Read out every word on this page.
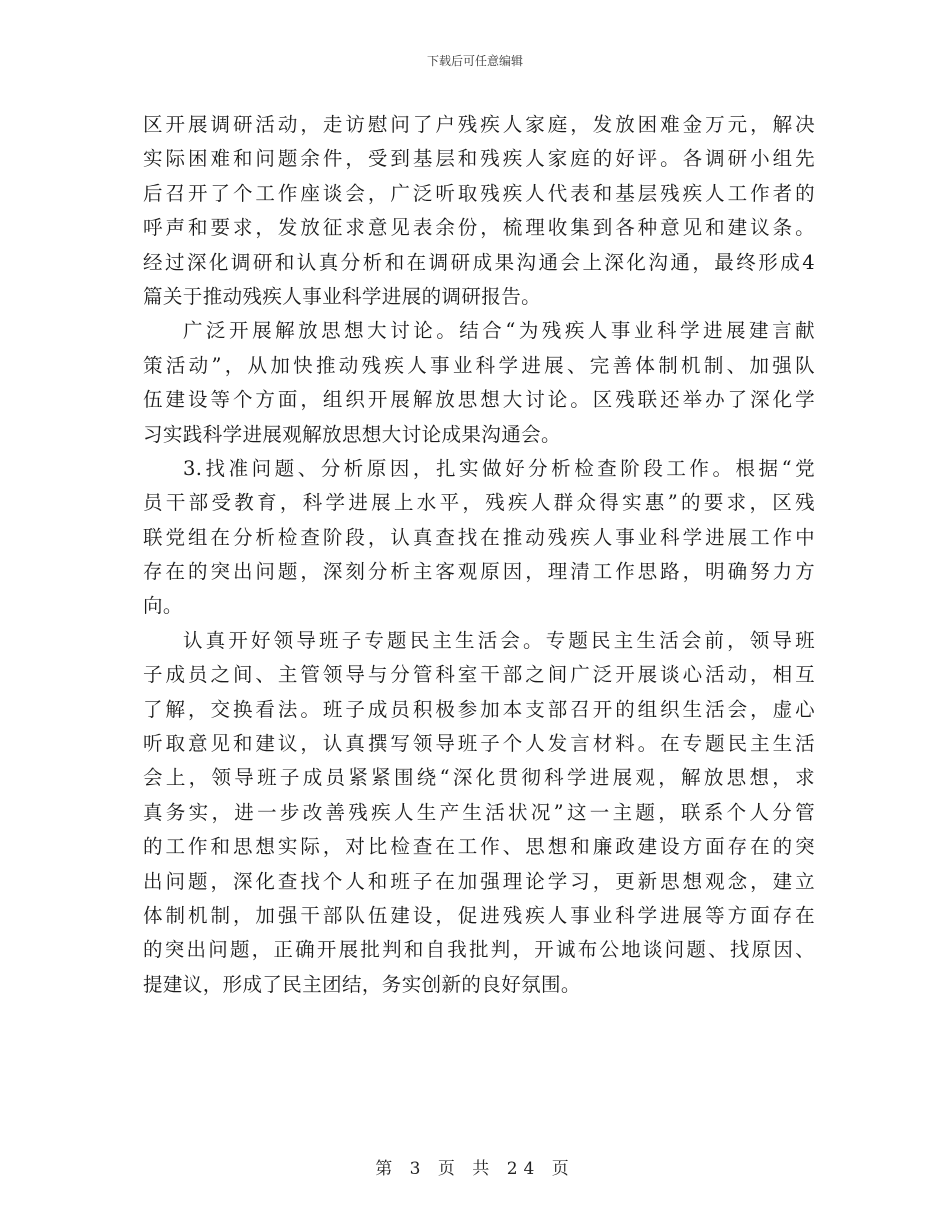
下载后可任意编辑
区开展调研活动，走访慰问了户残疾人家庭，发放困难金万元，解决
实际困难和问题余件，受到基层和残疾人家庭的好评。各调研小组先
后召开了个工作座谈会，广泛听取残疾人代表和基层残疾人工作者的
呼声和要求，发放征求意见表余份，梳理收集到各种意见和建议条。
经过深化调研和认真分析和在调研成果沟通会上深化沟通，最终形成4
篇关于推动残疾人事业科学进展的调研报告。
广泛开展解放思想大讨论。结合“为残疾人事业科学进展建言献
策活动”，从加快推动残疾人事业科学进展、完善体制机制、加强队
伍建设等个方面，组织开展解放思想大讨论。区残联还举办了深化学
习实践科学进展观解放思想大讨论成果沟通会。
3.找准问题、分析原因，扎实做好分析检查阶段工作。根据“党
员干部受教育，科学进展上水平，残疾人群众得实惠”的要求，区残
联党组在分析检查阶段，认真查找在推动残疾人事业科学进展工作中
存在的突出问题，深刻分析主客观原因，理清工作思路，明确努力方
向。
认真开好领导班子专题民主生活会。专题民主生活会前，领导班
子成员之间、主管领导与分管科室干部之间广泛开展谈心活动，相互
了解，交换看法。班子成员积极参加本支部召开的组织生活会，虚心
听取意见和建议，认真撰写领导班子个人发言材料。在专题民主生活
会上，领导班子成员紧紧围绕“深化贯彻科学进展观，解放思想，求
真务实，进一步改善残疾人生产生活状况”这一主题，联系个人分管
的工作和思想实际，对比检查在工作、思想和廉政建设方面存在的突
出问题，深化查找个人和班子在加强理论学习，更新思想观念，建立
体制机制，加强干部队伍建设，促进残疾人事业科学进展等方面存在
的突出问题，正确开展批判和自我批判，开诚布公地谈问题、找原因、
提建议，形成了民主团结，务实创新的良好氛围。
第 3 页 共 24 页
